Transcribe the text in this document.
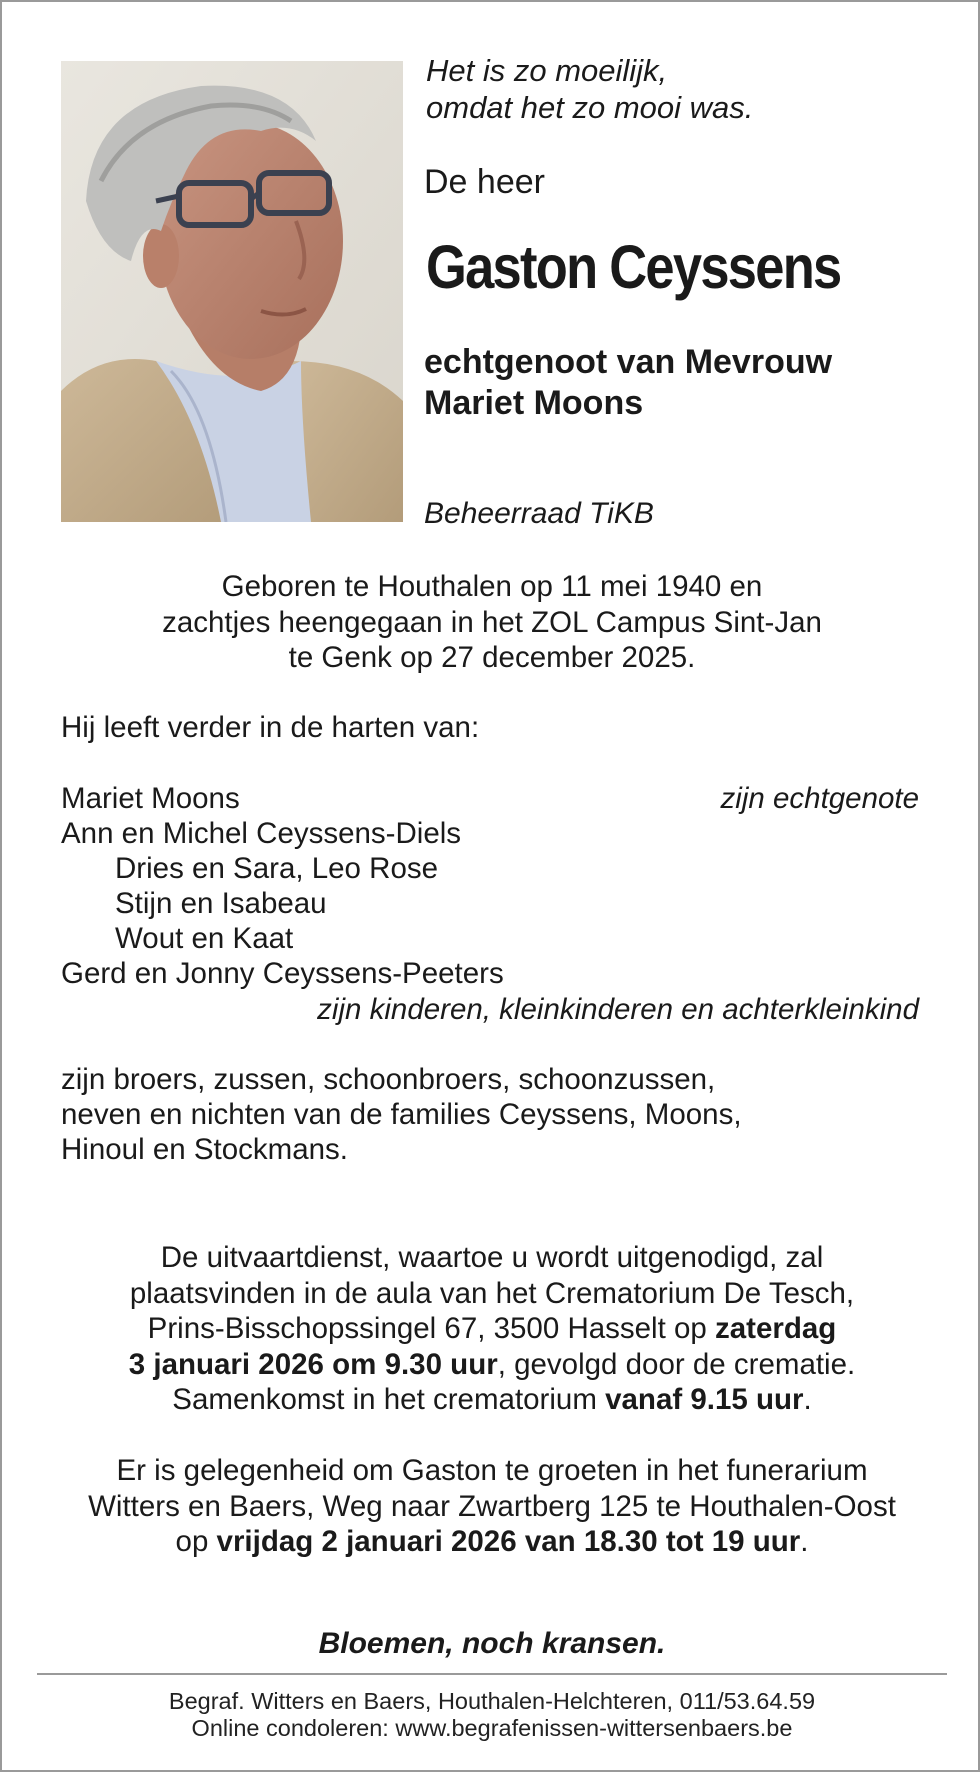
Het is zo moeilijk,
omdat het zo mooi was.
De heer
Gaston Ceyssens
echtgenoot van Mevrouw
Mariet Moons
Beheerraad TiKB
Geboren te Houthalen op 11 mei 1940 en
zachtjes heengegaan in het ZOL Campus Sint-Jan
te Genk op 27 december 2025.
Hij leeft verder in de harten van:
Mariet Moons	zijn echtgenote
Ann en Michel Ceyssens-Diels
Dries en Sara, Leo Rose
Stijn en Isabeau
Wout en Kaat
Gerd en Jonny Ceyssens-Peeters
zijn kinderen, kleinkinderen en achterkleinkind
zijn broers, zussen, schoonbroers, schoonzussen,
neven en nichten van de families Ceyssens, Moons,
Hinoul en Stockmans.
De uitvaartdienst, waartoe u wordt uitgenodigd, zal
plaatsvinden in de aula van het Crematorium De Tesch,
Prins-Bisschopssingel 67, 3500 Hasselt op zaterdag
3 januari 2026 om 9.30 uur, gevolgd door de crematie.
Samenkomst in het crematorium vanaf 9.15 uur.
Er is gelegenheid om Gaston te groeten in het funerarium
Witters en Baers, Weg naar Zwartberg 125 te Houthalen-Oost
op vrijdag 2 januari 2026 van 18.30 tot 19 uur.
Bloemen, noch kransen.
Begraf. Witters en Baers, Houthalen-Helchteren, 011/53.64.59
Online condoleren: www.begrafenissen-wittersenbaers.be
